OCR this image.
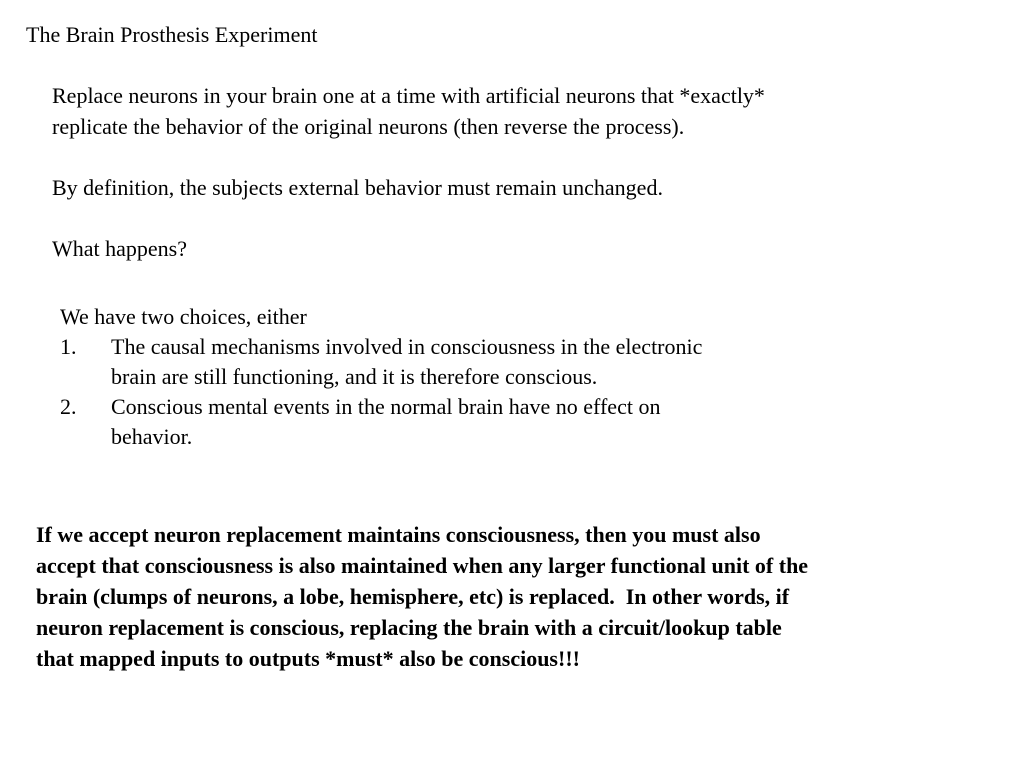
The Brain Prosthesis Experiment

Replace neurons in your brain one at a time with artificial neurons that *exactly*
replicate the behavior of the original neurons (then reverse the process).

By definition, the subjects external behavior must remain unchanged.

What happens?

We have two choices, either

1.	The causal mechanisms involved in consciousness in the electronic
brain are still functioning, and it is therefore conscious.
2.	Conscious mental events in the normal brain have no effect on
behavior.

If we accept neuron replacement maintains consciousness, then you must also
accept that consciousness is also maintained when any larger functional unit of the
brain (clumps of neurons, a lobe, hemisphere, etc) is replaced.  In other words, if
neuron replacement is conscious, replacing the brain with a circuit/lookup table
that mapped inputs to outputs *must* also be conscious!!!
